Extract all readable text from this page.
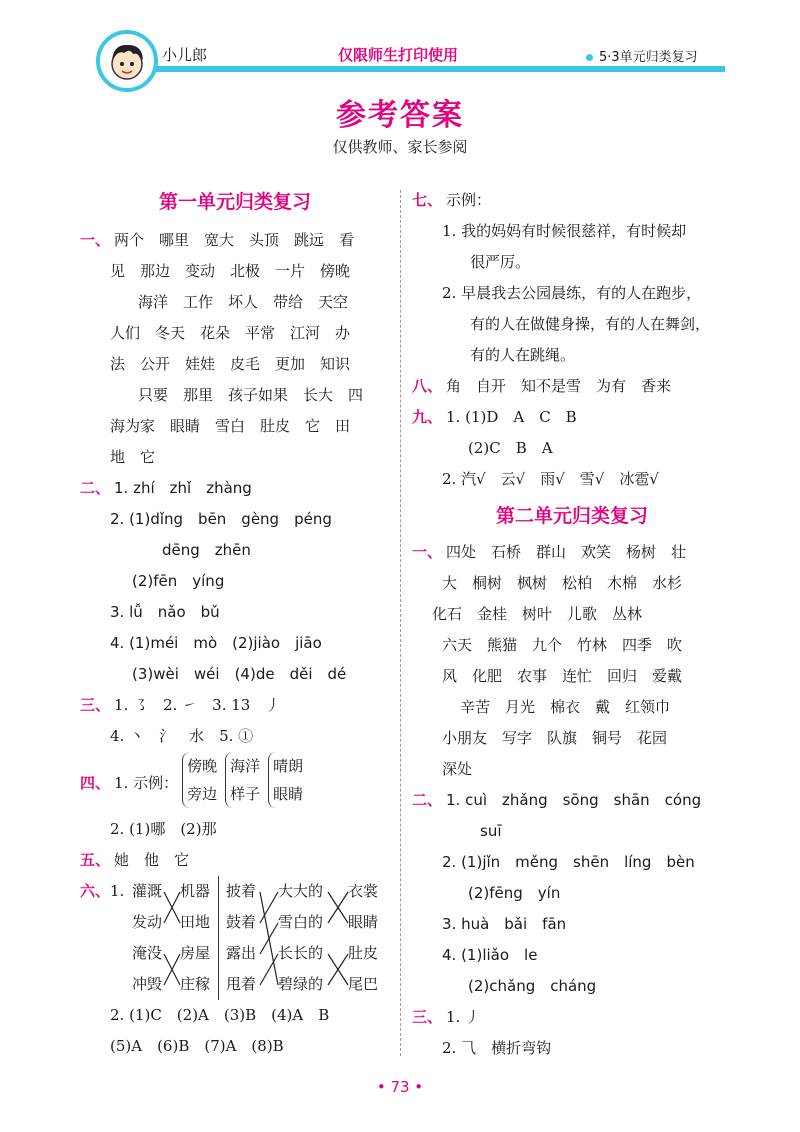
小儿郎	仅限师生打印使用	5·3单元归类复习
参考答案
仅供教师、家长参阅
第一单元归类复习
一、 两个　哪里　宽大　头顶　跳远　看
见　那边　变动　北极　一片　傍晚
海洋　工作　坏人　带给　天空
人们　冬天　花朵　平常　江河　办
法　公开　娃娃　皮毛　更加　知识
只要　那里　孩子如果　长大　四
海为家　眼睛　雪白　肚皮　它　田
地　它
二、 1. zhí　zhǐ　zhàng
2. (1)dǐng　bēn　gèng　péng
dēng　zhēn
(2)fēn　yíng
3. lǚ　nǎo　bǔ
4. (1)méi　mò　(2)jiào　jiāo
(3)wèi　wéi　(4)de　děi　dé
三、 1. ㇌　2. ㇀　3. 13　丿
4. 丶　氵　水　5. ①
四、 1. 示例：傍晚
旁边海洋
样子晴朗
眼睛
2. (1)哪　(2)那
五、 她　他　它
六、 1. 灌溉
发动
淹没
冲毁
机器
田地
房屋
庄稼
披着
鼓着
露出
甩着
大大的
雪白的
长长的
碧绿的
衣裳
眼睛
肚皮
尾巴
2. (1)C　(2)A　(3)B　(4)A　B
(5)A　(6)B　(7)A　(8)B
七、 示例：
1. 我的妈妈有时候很慈祥，有时候却
很严厉。
2. 早晨我去公园晨练，有的人在跑步，
有的人在做健身操，有的人在舞剑，
有的人在跳绳。
八、 角　自开　知不是雪　为有　香来
九、 1. (1)D　A　C　B
(2)C　B　A
2. 汽√　云√　雨√　雪√　冰雹√
第二单元归类复习
一、 四处　石桥　群山　欢笑　杨树　壮
大　桐树　枫树　松柏　木棉　水杉
化石　金桂　树叶　儿歌　丛林
六天　熊猫　九个　竹林　四季　吹
风　化肥　农事　连忙　回归　爱戴
辛苦　月光　棉衣　戴　红领巾
小朋友　写字　队旗　铜号　花园
深处
二、 1. cuì　zhǎng　sōng　shān　cóng
suī
2. (1)jǐn　měng　shēn　líng　bèn
(2)fēng　yín
3. huà　bǎi　fān
4. (1)liǎo　le
(2)chǎng　cháng
三、 1. 丿
2. ⺄　横折弯钩
• 73 •
